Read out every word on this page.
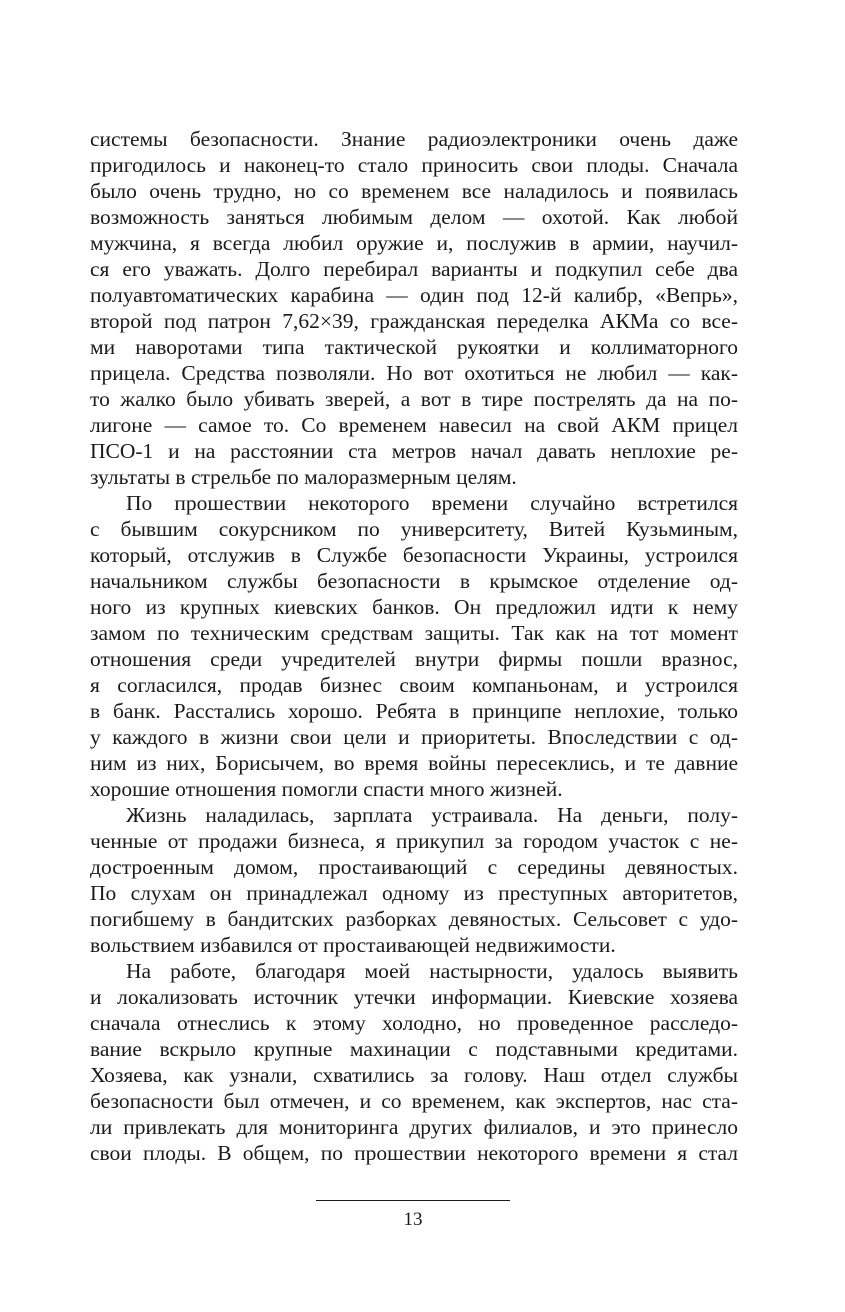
системы безопасности. Знание радиоэлектроники очень даже
пригодилось и наконец-то стало приносить свои плоды. Сначала
было очень трудно, но со временем все наладилось и появилась
возможность заняться любимым делом — охотой. Как любой
мужчина, я всегда любил оружие и, послужив в армии, научил-
ся его уважать. Долго перебирал варианты и подкупил себе два
полуавтоматических карабина — один под 12-й калибр, «Вепрь»,
второй под патрон 7,62×39, гражданская переделка АКМа со все-
ми наворотами типа тактической рукоятки и коллиматорного
прицела. Средства позволяли. Но вот охотиться не любил — как-
то жалко было убивать зверей, а вот в тире пострелять да на по-
лигоне — самое то. Со временем навесил на свой АКМ прицел
ПСО-1 и на расстоянии ста метров начал давать неплохие ре-
зультаты в стрельбе по малоразмерным целям.
По прошествии некоторого времени случайно встретился
с бывшим сокурсником по университету, Витей Кузьминым,
который, отслужив в Службе безопасности Украины, устроился
начальником службы безопасности в крымское отделение од-
ного из крупных киевских банков. Он предложил идти к нему
замом по техническим средствам защиты. Так как на тот момент
отношения среди учредителей внутри фирмы пошли вразнос,
я согласился, продав бизнес своим компаньонам, и устроился
в банк. Расстались хорошо. Ребята в принципе неплохие, только
у каждого в жизни свои цели и приоритеты. Впоследствии с од-
ним из них, Борисычем, во время войны пересеклись, и те давние
хорошие отношения помогли спасти много жизней.
Жизнь наладилась, зарплата устраивала. На деньги, полу-
ченные от продажи бизнеса, я прикупил за городом участок с не-
достроенным домом, простаивающий с середины девяностых.
По слухам он принадлежал одному из преступных авторитетов,
погибшему в бандитских разборках девяностых. Сельсовет с удо-
вольствием избавился от простаивающей недвижимости.
На работе, благодаря моей настырности, удалось выявить
и локализовать источник утечки информации. Киевские хозяева
сначала отнеслись к этому холодно, но проведенное расследо-
вание вскрыло крупные махинации с подставными кредитами.
Хозяева, как узнали, схватились за голову. Наш отдел службы
безопасности был отмечен, и со временем, как экспертов, нас ста-
ли привлекать для мониторинга других филиалов, и это принесло
свои плоды. В общем, по прошествии некоторого времени я стал
13
